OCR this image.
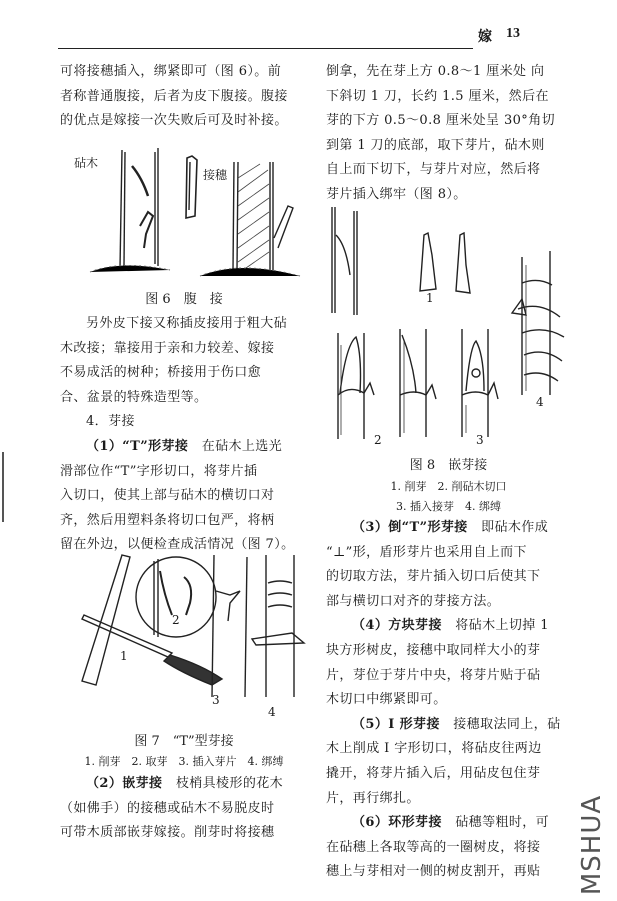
嫁 13

可将接穗插入，绑紧即可（图 6）。前

者称普通腹接，后者为皮下腹接。腹接

的优点是嫁接一次失败后可及时补接。

砧木
接穗
图 6　腹　接

另外皮下接又称插皮接用于粗大砧

木改接；靠接用于亲和力较差、嫁接

不易成活的树种；桥接用于伤口愈

合、盆景的特殊造型等。

4．芽接

（1）“T”形芽接　 在砧木上选光

滑部位作“T”字形切口，将芽片插

入切口，使其上部与砧木的横切口对

齐，然后用塑料条将切口包严，将柄

留在外边，以便检查成活情况（图 7）。

2
1
3
4
图 7　“T”型芽接
1. 削芽　2. 取芽　3. 插入芽片　4. 绑缚

（2）嵌芽接　 枝梢具棱形的花木

（如佛手）的接穗或砧木不易脱皮时

可带木质部嵌芽嫁接。削芽时将接穗

倒拿，先在芽上方 0.8～1 厘米处 向

下斜切 1 刀，长约 1.5 厘米，然后在

芽的下方 0.5～0.8 厘米处呈 30°角切

到第 1 刀的底部，取下芽片，砧木则

自上而下切下，与芽片对应，然后将

芽片插入绑牢（图 8）。

1
2	3
4
图 8　嵌芽接
1. 削芽　2. 削砧木切口
3. 插入接芽　4. 绑缚

（3）倒“T”形芽接　 即砧木作成

“⊥”形，盾形芽片也采用自上而下

的切取方法，芽片插入切口后使其下

部与横切口对齐的芽接方法。

（4）方块芽接　 将砧木上切掉 1

块方形树皮，接穗中取同样大小的芽

片，芽位于芽片中央，将芽片贴于砧

木切口中绑紧即可。

（5）I 形芽接　 接穗取法同上，砧

木上削成 I 字形切口，将砧皮往两边

撬开，将芽片插入后，用砧皮包住芽

片，再行绑扎。

（6）环形芽接　 砧穗等粗时，可

在砧穗上各取等高的一圈树皮，将接

穗上与芽相对一侧的树皮割开，再贴	MSHUA
